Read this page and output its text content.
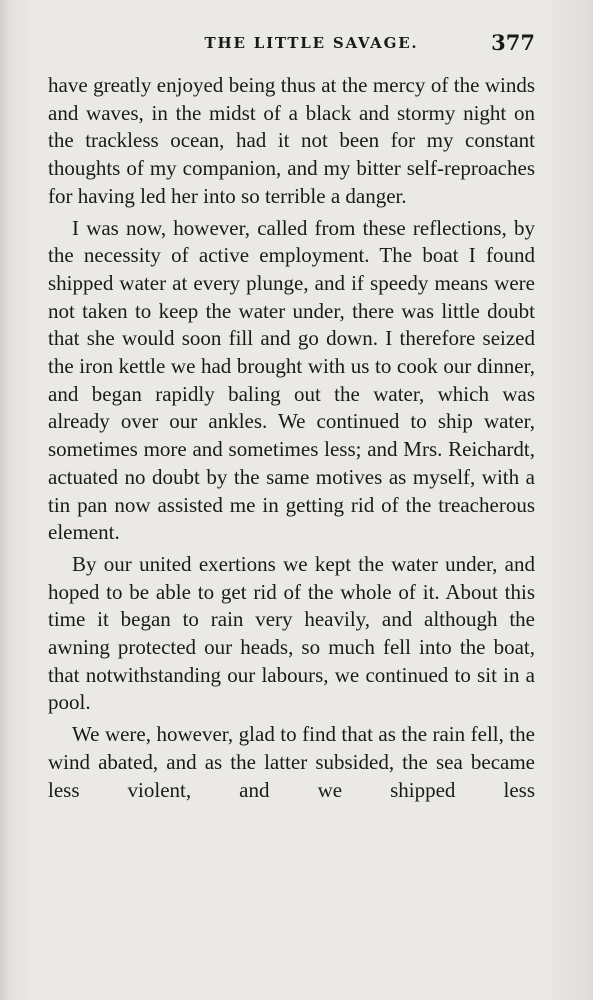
THE LITTLE SAVAGE.	377

have greatly enjoyed being thus at the mercy of the winds and waves, in the midst of a black and stormy night on the trackless ocean, had it not been for my constant thoughts of my companion, and my bitter self-reproaches for having led her into so terrible a danger.

I was now, however, called from these reflections, by the necessity of active employment. The boat I found shipped water at every plunge, and if speedy means were not taken to keep the water under, there was little doubt that she would soon fill and go down. I therefore seized the iron kettle we had brought with us to cook our dinner, and began rapidly baling out the water, which was already over our ankles. We continued to ship water, sometimes more and sometimes less; and Mrs. Reichardt, actuated no doubt by the same motives as myself, with a tin pan now assisted me in getting rid of the treacherous element.

By our united exertions we kept the water under, and hoped to be able to get rid of the whole of it. About this time it began to rain very heavily, and although the awning protected our heads, so much fell into the boat, that notwithstanding our labours, we continued to sit in a pool.

We were, however, glad to find that as the rain fell, the wind abated, and as the latter subsided, the sea became less violent, and we shipped less
